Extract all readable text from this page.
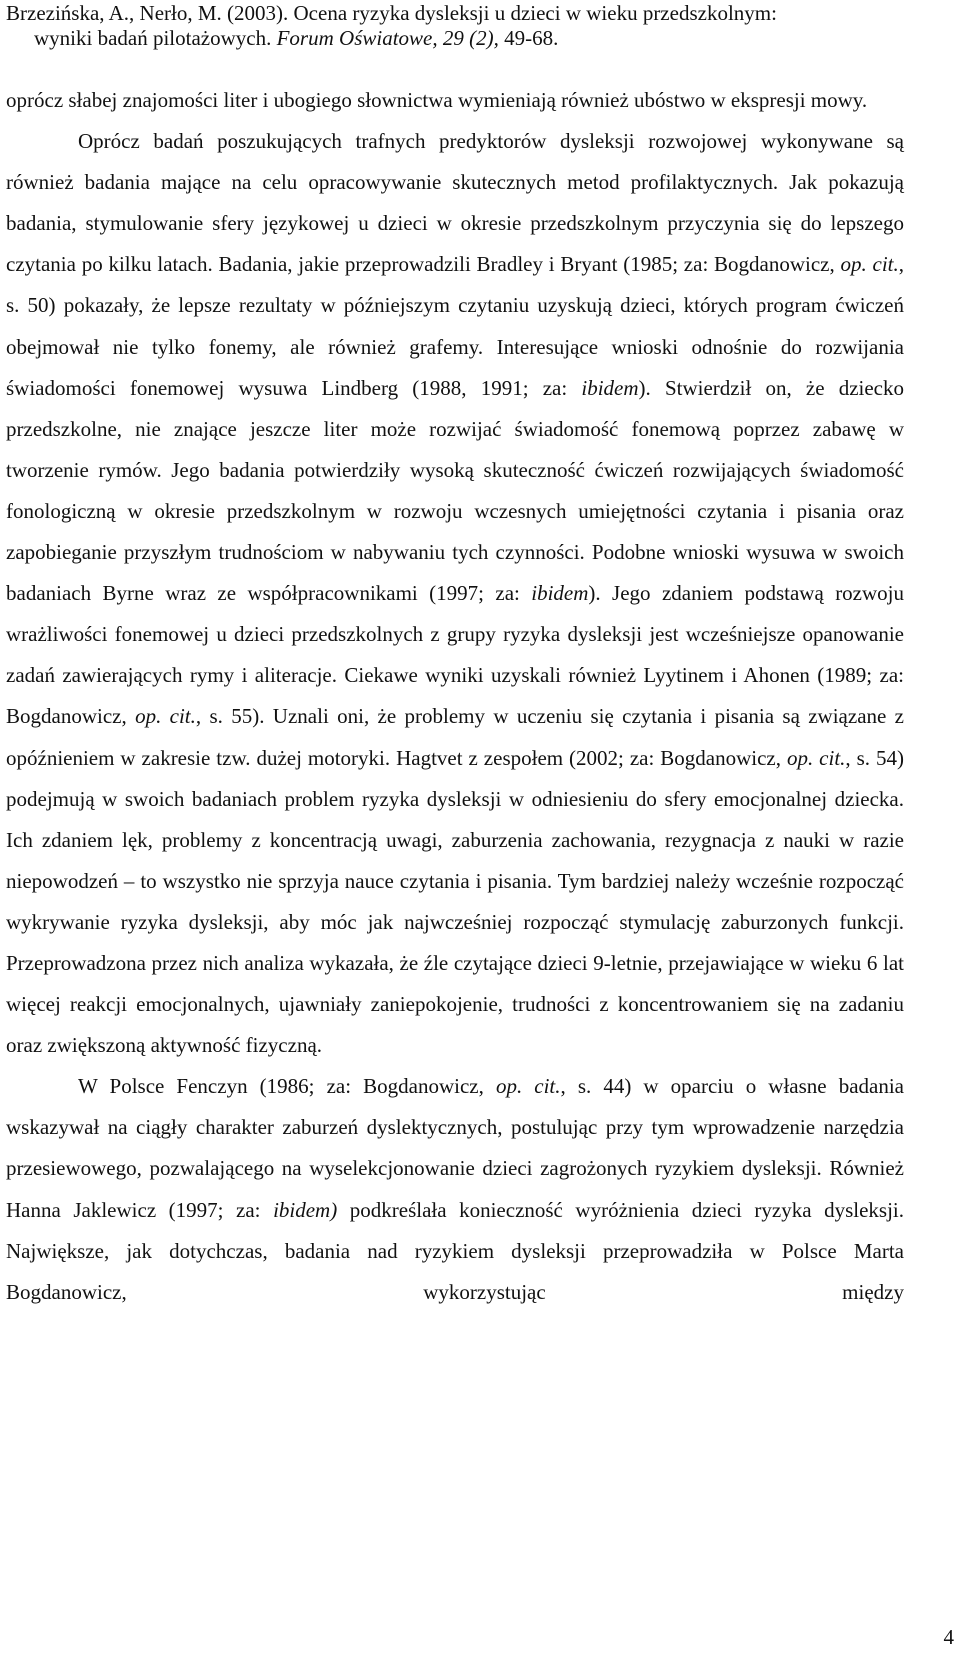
Brzezińska, A., Nerło, M. (2003). Ocena ryzyka dysleksji u dzieci w wieku przedszkolnym:
wyniki badań pilotażowych. Forum Oświatowe, 29 (2), 49-68.

oprócz słabej znajomości liter i ubogiego słownictwa wymieniają również ubóstwo w ekspresji mowy.

Oprócz badań poszukujących trafnych predyktorów dysleksji rozwojowej wykonywane są również badania mające na celu opracowywanie skutecznych metod profilaktycznych. Jak pokazują badania, stymulowanie sfery językowej u dzieci w okresie przedszkolnym przyczynia się do lepszego czytania po kilku latach. Badania, jakie przeprowadzili Bradley i Bryant (1985; za: Bogdanowicz, op. cit., s. 50) pokazały, że lepsze rezultaty w późniejszym czytaniu uzyskują dzieci, których program ćwiczeń obejmował nie tylko fonemy, ale również grafemy. Interesujące wnioski odnośnie do rozwijania świadomości fonemowej wysuwa Lindberg (1988, 1991; za: ibidem). Stwierdził on, że dziecko przedszkolne, nie znające jeszcze liter może rozwijać świadomość fonemową poprzez zabawę w tworzenie rymów. Jego badania potwierdziły wysoką skuteczność ćwiczeń rozwijających świadomość fonologiczną w okresie przedszkolnym w rozwoju wczesnych umiejętności czytania i pisania oraz zapobieganie przyszłym trudnościom w nabywaniu tych czynności. Podobne wnioski wysuwa w swoich badaniach Byrne wraz ze współpracownikami (1997; za: ibidem). Jego zdaniem podstawą rozwoju wrażliwości fonemowej u dzieci przedszkolnych z grupy ryzyka dysleksji jest wcześniejsze opanowanie zadań zawierających rymy i aliteracje. Ciekawe wyniki uzyskali również Lyytinem i Ahonen (1989; za: Bogdanowicz, op. cit., s. 55). Uznali oni, że problemy w uczeniu się czytania i pisania są związane z opóźnieniem w zakresie tzw. dużej motoryki. Hagtvet z zespołem (2002; za: Bogdanowicz, op. cit., s. 54) podejmują w swoich badaniach problem ryzyka dysleksji w odniesieniu do sfery emocjonalnej dziecka. Ich zdaniem lęk, problemy z koncentracją uwagi, zaburzenia zachowania, rezygnacja z nauki w razie niepowodzeń – to wszystko nie sprzyja nauce czytania i pisania. Tym bardziej należy wcześnie rozpocząć wykrywanie ryzyka dysleksji, aby móc jak najwcześniej rozpocząć stymulację zaburzonych funkcji. Przeprowadzona przez nich analiza wykazała, że źle czytające dzieci 9-letnie, przejawiające w wieku 6 lat więcej reakcji emocjonalnych, ujawniały zaniepokojenie, trudności z koncentrowaniem się na zadaniu oraz zwiększoną aktywność fizyczną.

W Polsce Fenczyn (1986; za: Bogdanowicz, op. cit., s. 44) w oparciu o własne badania wskazywał na ciągły charakter zaburzeń dyslektycznych, postulując przy tym wprowadzenie narzędzia przesiewowego, pozwalającego na wyselekcjonowanie dzieci zagrożonych ryzykiem dysleksji. Również Hanna Jaklewicz (1997; za: ibidem) podkreślała konieczność wyróżnienia dzieci ryzyka dysleksji. Największe, jak dotychczas, badania nad ryzykiem dysleksji przeprowadziła w Polsce Marta Bogdanowicz, wykorzystując między

4
